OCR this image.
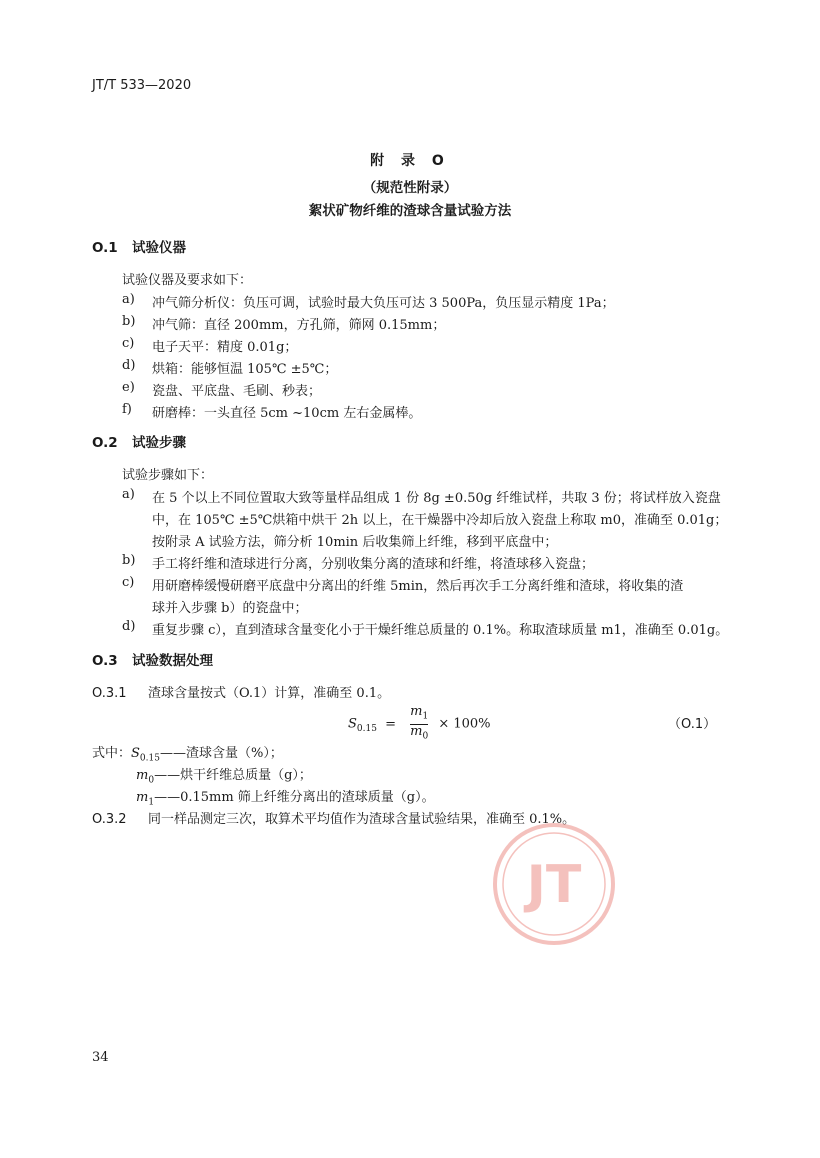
JT/T 533—2020
附 录 O
（规范性附录）
絮状矿物纤维的渣球含量试验方法
O.1 试验仪器
试验仪器及要求如下：
a) 冲气筛分析仪：负压可调，试验时最大负压可达 3 500Pa，负压显示精度 1Pa；
b) 冲气筛：直径 200mm，方孔筛，筛网 0.15mm；
c) 电子天平：精度 0.01g；
d) 烘箱：能够恒温 105℃ ±5℃；
e) 瓷盘、平底盘、毛刷、秒表；
f) 研磨棒：一头直径 5cm ~10cm 左右金属棒。
O.2 试验步骤
试验步骤如下：
a) 在 5 个以上不同位置取大致等量样品组成 1 份 8g ±0.50g 纤维试样，共取 3 份；将试样放入瓷盘
中，在 105℃ ±5℃烘箱中烘干 2h 以上，在干燥器中冷却后放入瓷盘上称取 m0，准确至 0.01g；
按附录 A 试验方法，筛分析 10min 后收集筛上纤维，移到平底盘中；
b) 手工将纤维和渣球进行分离，分别收集分离的渣球和纤维，将渣球移入瓷盘；
c) 用研磨棒缓慢研磨平底盘中分离出的纤维 5min，然后再次手工分离纤维和渣球，将收集的渣
球并入步骤 b）的瓷盘中；
d) 重复步骤 c），直到渣球含量变化小于干燥纤维总质量的 0.1%。称取渣球质量 m1，准确至 0.01g。
O.3 试验数据处理
O.3.1 渣球含量按式（O.1）计算，准确至 0.1。
$S_{0.15} = \frac{m_1}{m_0} \times 100\%$	（O.1）
式中：$S_{0.15}——$渣球含量（%）；
$m_0——$烘干纤维总质量（g）；
$m_1——0.15mm$ 筛上纤维分离出的渣球质量（g）。
O.3.2 同一样品测定三次，取算术平均值作为渣球含量试验结果，准确至 0.1%。
JT
34
